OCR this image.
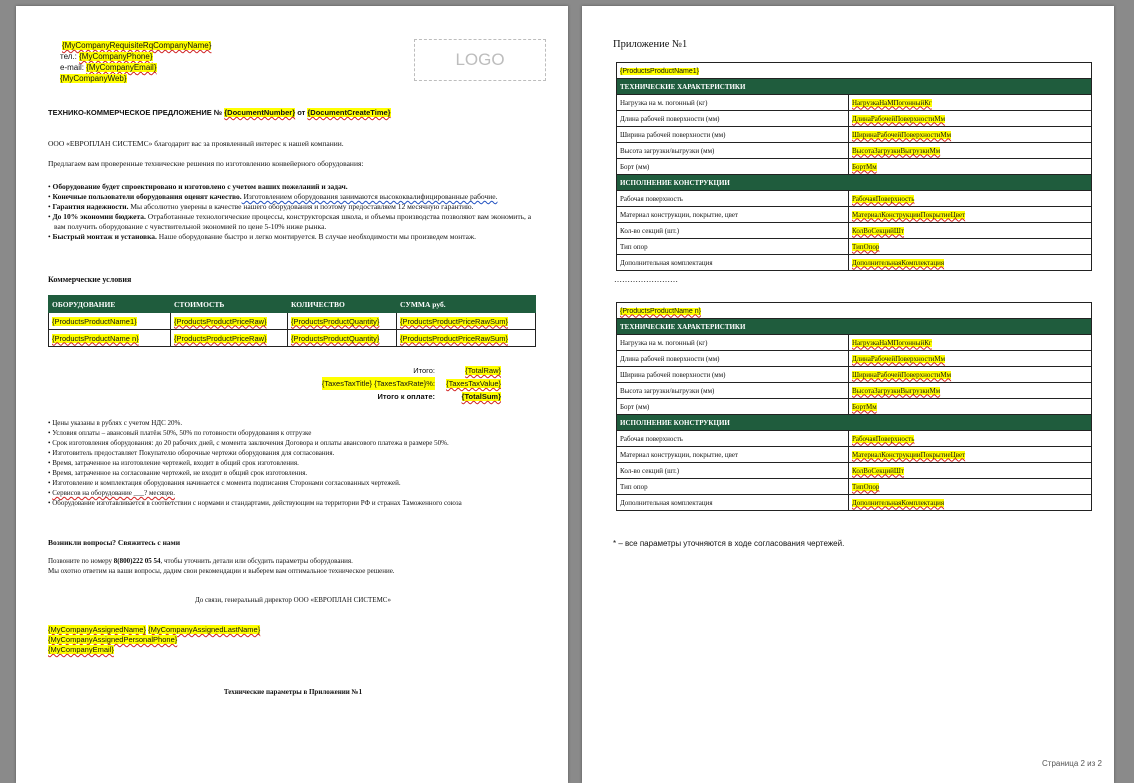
{MyCompanyRequisiteRqCompanyName}
тел.: {MyCompanyPhone}
e-mail: {MyCompanyEmail}
{MyCompanyWeb}
LOGO
ТЕХНИКО-КОММЕРЧЕСКОЕ ПРЕДЛОЖЕНИЕ № {DocumentNumber} от {DocumentCreateTime}

ООО «ЕВРОПЛАН СИСТЕМС» благодарит вас за проявленный интерес к нашей компании.

Предлагаем вам проверенные технические решения по изготовлению конвейерного оборудования:

• Оборудование будет спроектировано и изготовлено с учетом ваших пожеланий и задач.
• Конечные пользователи оборудования оценят качество. Изготовлением оборудования занимаются высококвалифицированные рабочие.
• Гарантия надежности. Мы абсолютно уверены в качестве нашего оборудования и поэтому предоставляем 12 месячную гарантию.
• До 10% экономии бюджета. Отработанные технологические процессы, конструкторская школа, и объемы производства позволяют вам экономить, а вам получить оборудование с чувствительной экономией по цене 5-10% ниже рынка.
• Быстрый монтаж и установка. Наше оборудование быстро и легко монтируется. В случае необходимости мы произведем монтаж.
Коммерческие условия
ОБОРУДОВАНИЕ	СТОИМОСТЬ	КОЛИЧЕСТВО	СУММА руб.
{ProductsProductName1}	{ProductsProductPriceRaw}	{ProductsProductQuantity}	{ProductsProductPriceRawSum}
{ProductsProductName n}	{ProductsProductPriceRaw}	{ProductsProductQuantity}	{ProductsProductPriceRawSum}
Итого:	{TotalRaw}
{TaxesTaxTitle} {TaxesTaxRate}%:	{TaxesTaxValue}
Итого к оплате:	{TotalSum}
• Цены указаны в рублях с учетом НДС 20%.
• Условия оплаты – авансовый платёж 50%, 50% по готовности оборудования к отгрузке
• Срок изготовления оборудования: до 20 рабочих дней, с момента заключения Договора и оплаты авансового платежа в размере 50%.
• Изготовитель предоставляет Покупателю оборочные чертежи оборудования для согласования.
• Время, затраченное на изготовление чертежей, входит в общий срок изготовления.
• Время, затраченное на согласование чертежей, не входит в общий срок изготовления.
• Изготовление и комплектация оборудования начинается с момента подписания Сторонами согласованных чертежей.
• Сервисов на оборудование ___? месяцев.
• Оборудование изготавливается в соответствии с нормами и стандартами, действующим на территории РФ и странах Таможенного союза
Возникли вопросы? Свяжитесь с нами
Позвоните по номеру 8(800)222 05 54, чтобы уточнить детали или обсудить параметры оборудования.
Мы охотно ответим на ваши вопросы, дадим свои рекомендации и выберем вам оптимальное техническое решение.
До связи, генеральный директор ООО «ЕВРОПЛАН СИСТЕМС»
{MyCompanyAssignedName} {MyCompanyAssignedLastName}
{MyCompanyAssignedPersonalPhone}
{MyCompanyEmail}
Технические параметры в Приложении №1
Приложение №1
{ProductsProductName1}	
ТЕХНИЧЕСКИЕ ХАРАКТЕРИСТИКИ	
Нагрузка на м. погонный (кг)	НагрузкаНаМПогонныйКг
Длина рабочей поверхности (мм)	ДлинаРабочейПоверхностиМм
Ширина рабочей поверхности (мм)	ШиринаРабочейПоверхностиМм
Высота загрузки/выгрузки (мм)	ВысотаЗагрузкиВыгрузкиМм
Борт (мм)	БортМм
ИСПОЛНЕНИЕ КОНСТРУКЦИИ	
Рабочая поверхность	РабочаяПоверхность
Материал конструкции, покрытие, цвет	МатериалКонструкцииПокрытиеЦвет
Кол-во секций (шт.)	КолВоСекцийШт
Тип опор	ТипОпор
Дополнительная комплектация	ДополнительнаяКомплектация
……………………
{ProductsProductName n}	
ТЕХНИЧЕСКИЕ ХАРАКТЕРИСТИКИ	
Нагрузка на м. погонный (кг)	НагрузкаНаМПогонныйКг
Длина рабочей поверхности (мм)	ДлинаРабочейПоверхностиМм
Ширина рабочей поверхности (мм)	ШиринаРабочейПоверхностиМм
Высота загрузки/выгрузки (мм)	ВысотаЗагрузкиВыгрузкиМм
Борт (мм)	БортМм
ИСПОЛНЕНИЕ КОНСТРУКЦИИ	
Рабочая поверхность	РабочаяПоверхность
Материал конструкции, покрытие, цвет	МатериалКонструкцииПокрытиеЦвет
Кол-во секций (шт.)	КолВоСекцийШт
Тип опор	ТипОпор
Дополнительная комплектация	ДополнительнаяКомплектация
* – все параметры уточняются в ходе согласования чертежей.
Страница 2 из 2
